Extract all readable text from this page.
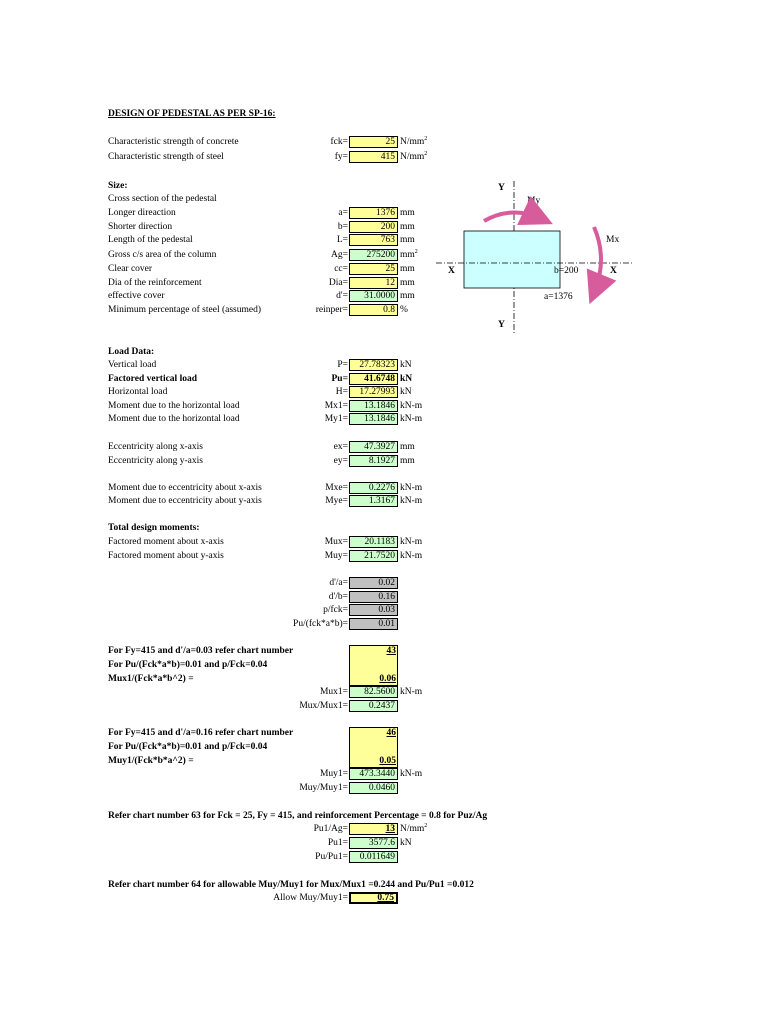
DESIGN OF PEDESTAL AS PER SP-16:
Characteristic strength of concrete	fck=	25 $N/mm^2$
Characteristic strength of steel	fy=	415 $N/mm^2$
Size:
Cross section of the pedestal
Longer direaction	a=	1376 mm
Shorter direction	b=	200 mm
Length of the pedestal	L=	763 mm
Gross c/s area of the column	Ag=	275200 $mm^2$
Clear cover	cc=	25 mm
Dia of the reinforcement	Dia=	12 mm
effective cover	d'=	31.0000 mm
Minimum percentage of steel (assumed)	reinper=	0.8 %
Y
My
X	X
b=200
a=1376
Mx
Y
Load Data:
Vertical load	P=	27.78323 kN
Factored vertical load	Pu=	41.6748 kN
Horizontal load	H=	17.27993 kN
Moment due to the horizontal load	Mx1=	13.1846 kN-m
Moment due to the horizontal load	My1=	13.1846 kN-m
Eccentricity along x-axis	ex=	47.3927 mm
Eccentricity along y-axis	ey=	8.1927 mm
Moment due to eccentricity about x-axis	Mxe=	0.2276 kN-m
Moment due to eccentricity about y-axis	Mye=	1.3167 kN-m
Total design moments:
Factored moment about x-axis	Mux=	20.1183 kN-m
Factored moment about y-axis	Muy=	21.7520 kN-m
d'/a=	0.02
d'/b=	0.16
p/fck=	0.03
Pu/(fck*a*b)=	0.01
For Fy=415 and d'/a=0.03 refer chart number
For Pu/(Fck*a*b)=0.01 and p/Fck=0.04
Mux1/(Fck*a*b^2) =
43
0.06
Mux1=	82.5600 kN-m
Mux/Mux1=	0.2437
For Fy=415 and d'/a=0.16 refer chart number
For Pu/(Fck*a*b)=0.01 and p/Fck=0.04
Muy1/(Fck*b*a^2) =
46
0.05
Muy1=	473.3440 kN-m
Muy/Muy1=	0.0460
Refer chart number 63 for Fck = 25, Fy = 415, and reinforcement Percentage = 0.8 for Puz/Ag
Pu1/Ag=	13 $N/mm^2$
Pu1=	3577.6 kN
Pu/Pu1=	0.011649
Refer chart number 64 for allowable Muy/Muy1 for Mux/Mux1 =0.244 and Pu/Pu1 =0.012
Allow Muy/Muy1=	0.75
